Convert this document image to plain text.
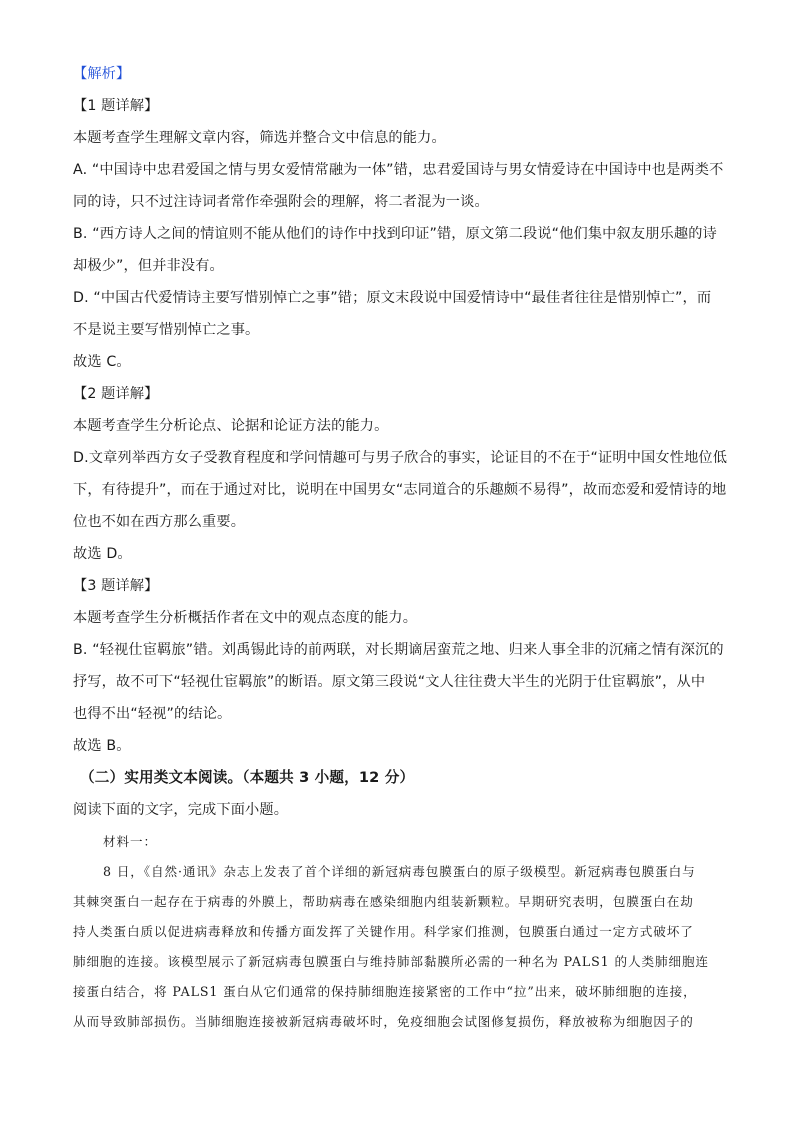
【解析】
【1 题详解】
本题考查学生理解文章内容，筛选并整合文中信息的能力。
A. “中国诗中忠君爱国之情与男女爱情常融为一体”错，忠君爱国诗与男女情爱诗在中国诗中也是两类不
同的诗，只不过注诗词者常作牵强附会的理解，将二者混为一谈。
B. “西方诗人之间的情谊则不能从他们的诗作中找到印证”错，原文第二段说“他们集中叙友朋乐趣的诗
却极少”，但并非没有。
D. “中国古代爱情诗主要写惜别悼亡之事”错；原文末段说中国爱情诗中“最佳者往往是惜别悼亡”，而
不是说主要写惜别悼亡之事。
故选 C。
【2 题详解】
本题考查学生分析论点、论据和论证方法的能力。
D.文章列举西方女子受教育程度和学问情趣可与男子欣合的事实，论证目的不在于“证明中国女性地位低
下，有待提升”，而在于通过对比，说明在中国男女“志同道合的乐趣颇不易得”，故而恋爱和爱情诗的地
位也不如在西方那么重要。
故选 D。
【3 题详解】
本题考查学生分析概括作者在文中的观点态度的能力。
B. “轻视仕宦羁旅”错。刘禹锡此诗的前两联，对长期谪居蛮荒之地、归来人事全非的沉痛之情有深沉的
抒写，故不可下“轻视仕宦羁旅”的断语。原文第三段说“文人往往费大半生的光阴于仕宦羁旅”，从中
也得不出“轻视”的结论。
故选 B。
（二）实用类文本阅读。（本题共 3 小题，12 分）
阅读下面的文字，完成下面小题。
材料一：
8 日，《自然·通讯》杂志上发表了首个详细的新冠病毒包膜蛋白的原子级模型。新冠病毒包膜蛋白与
其棘突蛋白一起存在于病毒的外膜上，帮助病毒在感染细胞内组装新颗粒。早期研究表明，包膜蛋白在劫
持人类蛋白质以促进病毒释放和传播方面发挥了关键作用。科学家们推测，包膜蛋白通过一定方式破坏了
肺细胞的连接。该模型展示了新冠病毒包膜蛋白与维持肺部黏膜所必需的一种名为 PALS1 的人类肺细胞连
接蛋白结合，将 PALS1 蛋白从它们通常的保持肺细胞连接紧密的工作中“拉”出来，破坏肺细胞的连接，
从而导致肺部损伤。当肺细胞连接被新冠病毒破坏时，免疫细胞会试图修复损伤，释放被称为细胞因子的
